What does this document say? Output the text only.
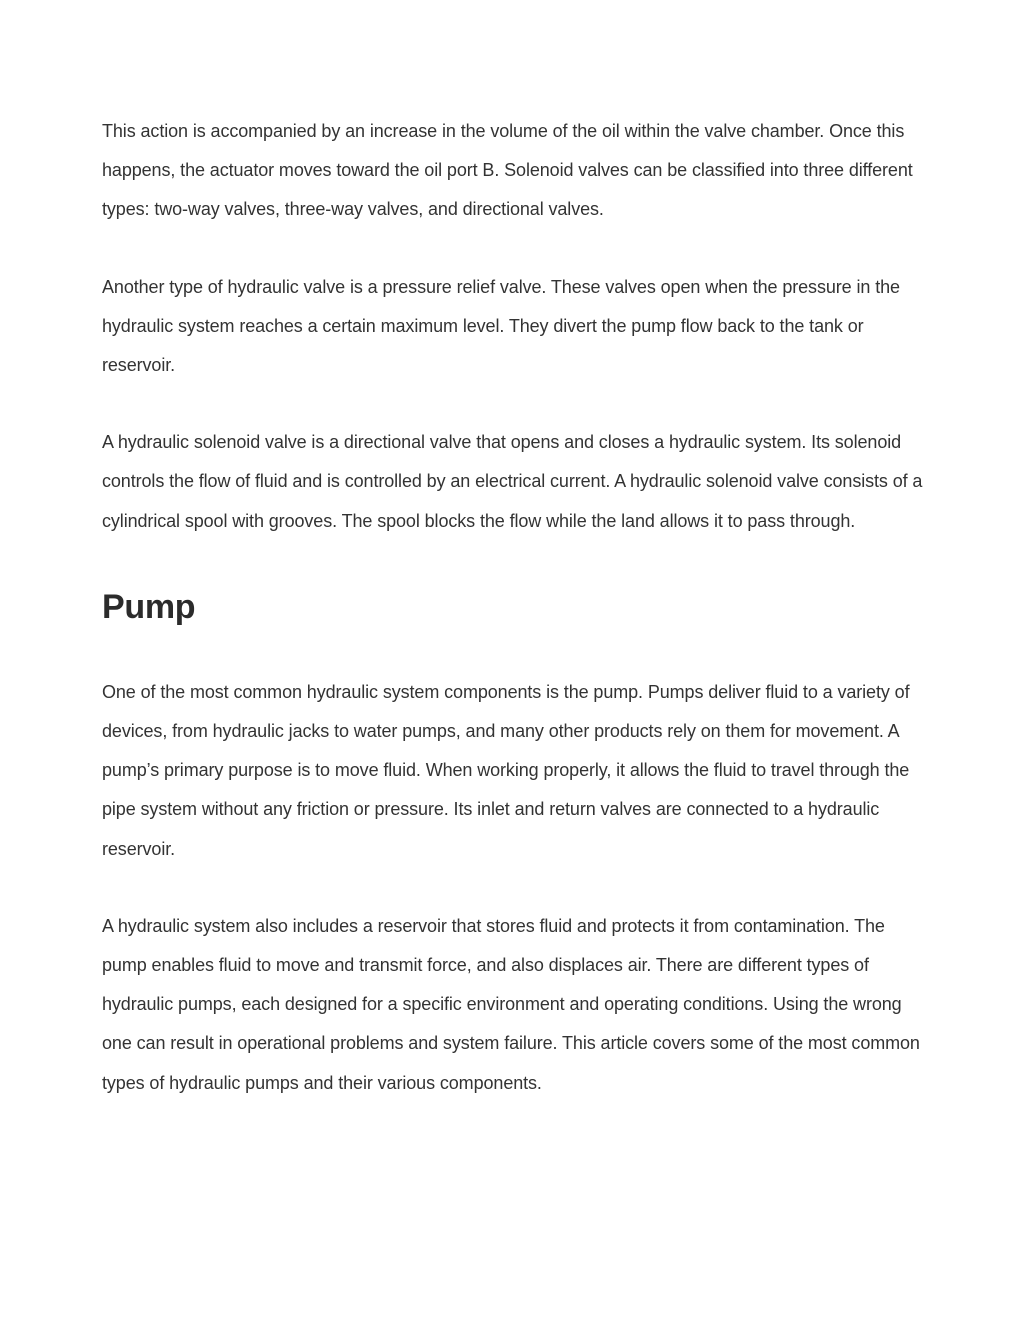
This action is accompanied by an increase in the volume of the oil within the valve chamber. Once this happens, the actuator moves toward the oil port B. Solenoid valves can be classified into three different types: two-way valves, three-way valves, and directional valves.

Another type of hydraulic valve is a pressure relief valve. These valves open when the pressure in the hydraulic system reaches a certain maximum level. They divert the pump flow back to the tank or reservoir.

A hydraulic solenoid valve is a directional valve that opens and closes a hydraulic system. Its solenoid controls the flow of fluid and is controlled by an electrical current. A hydraulic solenoid valve consists of a cylindrical spool with grooves. The spool blocks the flow while the land allows it to pass through.

Pump

One of the most common hydraulic system components is the pump. Pumps deliver fluid to a variety of devices, from hydraulic jacks to water pumps, and many other products rely on them for movement. A pump’s primary purpose is to move fluid. When working properly, it allows the fluid to travel through the pipe system without any friction or pressure. Its inlet and return valves are connected to a hydraulic reservoir.

A hydraulic system also includes a reservoir that stores fluid and protects it from contamination. The pump enables fluid to move and transmit force, and also displaces air. There are different types of hydraulic pumps, each designed for a specific environment and operating conditions. Using the wrong one can result in operational problems and system failure. This article covers some of the most common types of hydraulic pumps and their various components.
